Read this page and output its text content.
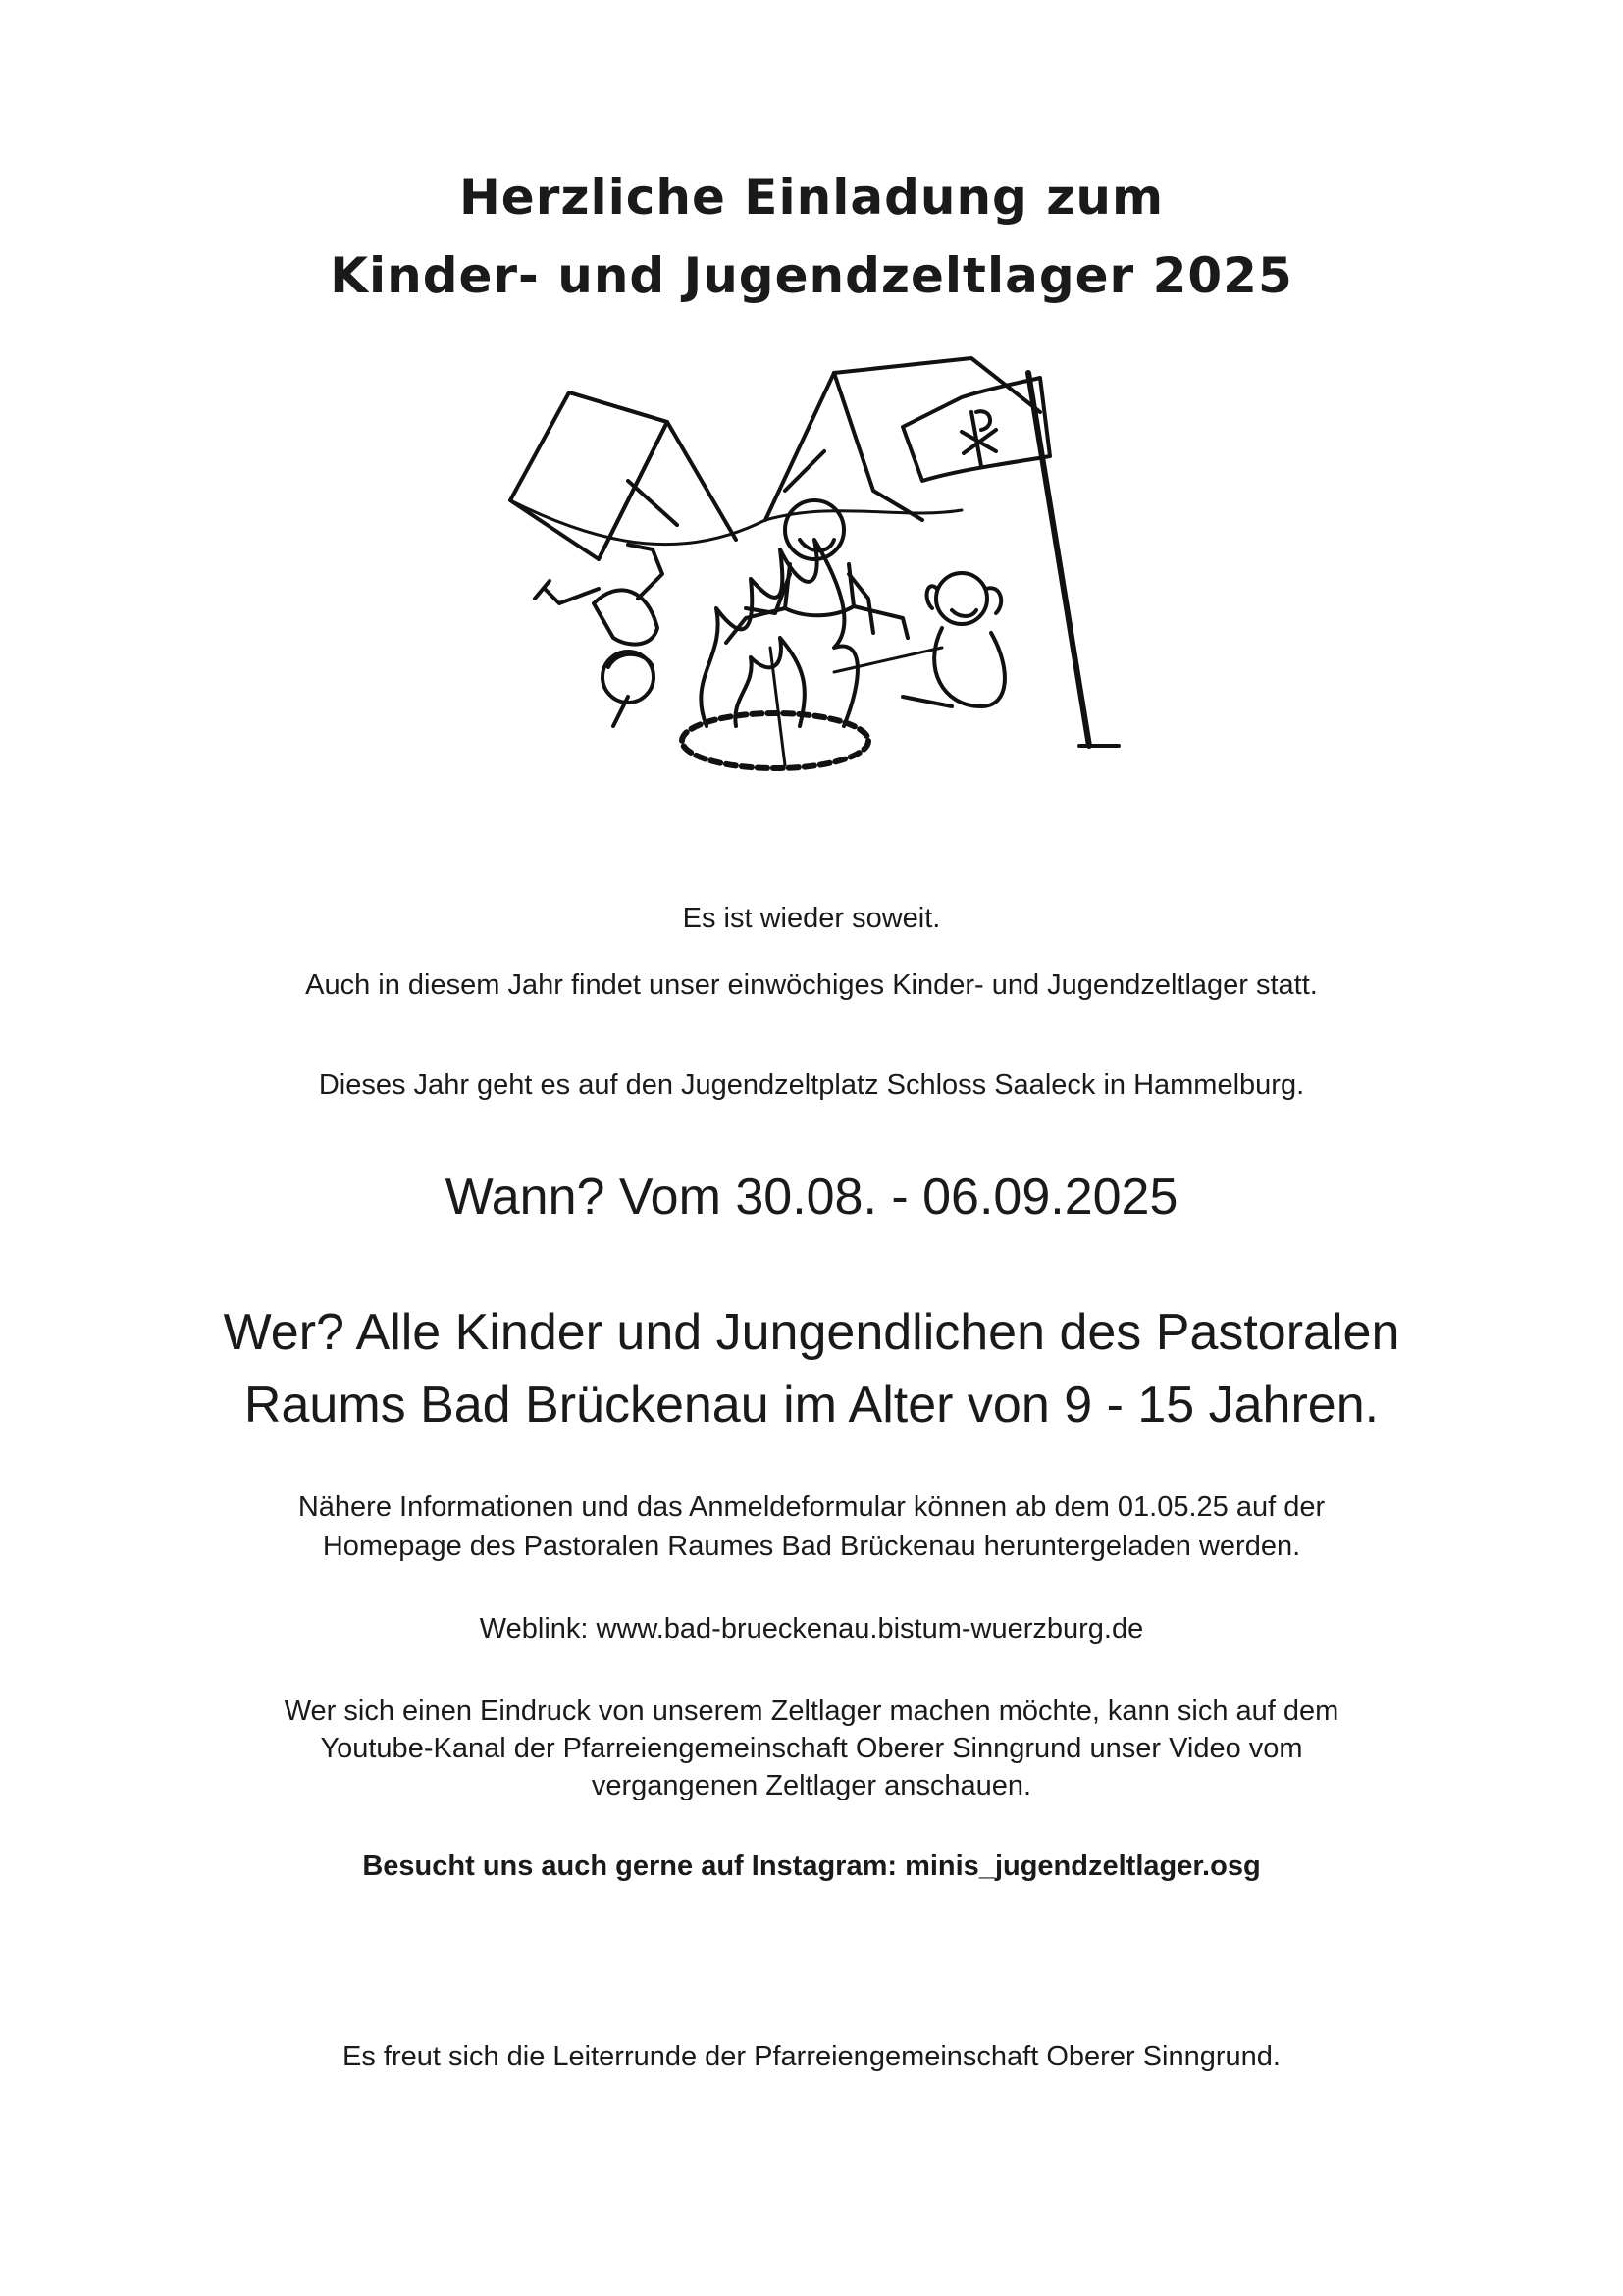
Herzliche Einladung zum
Kinder- und Jugendzeltlager 2025
Es ist wieder soweit.
Auch in diesem Jahr findet unser einwöchiges Kinder- und Jugendzeltlager statt.
Dieses Jahr geht es auf den Jugendzeltplatz Schloss Saaleck in Hammelburg.
Wann? Vom 30.08. - 06.09.2025
Wer? Alle Kinder und Jungendlichen des Pastoralen
Raums Bad Brückenau im Alter von 9 - 15 Jahren.
Nähere Informationen und das Anmeldeformular können ab dem 01.05.25 auf der
Homepage des Pastoralen Raumes Bad Brückenau heruntergeladen werden.
Weblink: www.bad-brueckenau.bistum-wuerzburg.de
Wer sich einen Eindruck von unserem Zeltlager machen möchte, kann sich auf dem
Youtube-Kanal der Pfarreiengemeinschaft Oberer Sinngrund unser Video vom
vergangenen Zeltlager anschauen.
Besucht uns auch gerne auf Instagram: minis_jugendzeltlager.osg
Es freut sich die Leiterrunde der Pfarreiengemeinschaft Oberer Sinngrund.
